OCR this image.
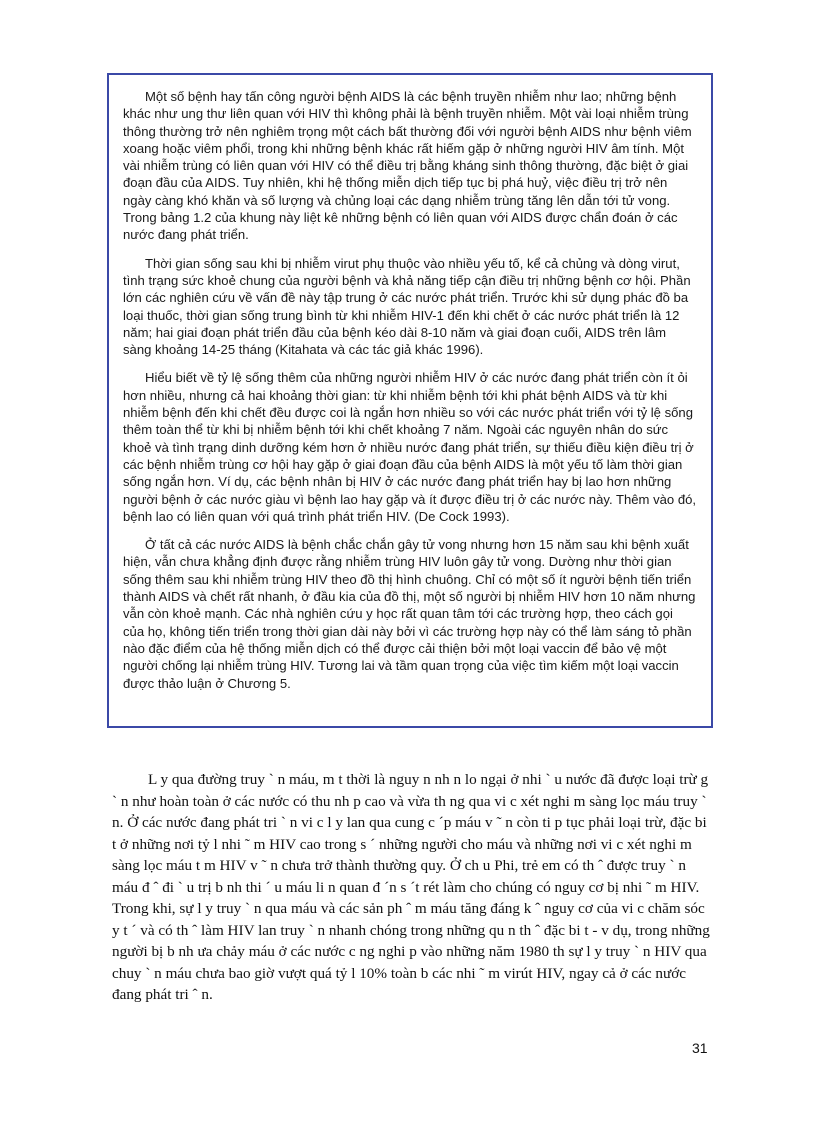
Một số bệnh hay tấn công người bệnh AIDS là các bệnh truyền nhiễm như lao; những bệnh khác như ung thư liên quan với HIV thì không phải là bệnh truyền nhiễm. Một vài loại nhiễm trùng thông thường trở nên nghiêm trọng một cách bất thường đối với người bệnh AIDS như bệnh viêm xoang hoặc viêm phổi, trong khi những bệnh khác rất hiếm gặp ở những người HIV âm tính. Một vài nhiễm trùng có liên quan với HIV có thể điều trị bằng kháng sinh thông thường, đặc biệt ở giai đoạn đầu của AIDS. Tuy nhiên, khi hệ thống miễn dịch tiếp tục bị phá huỷ, việc điều trị trở nên ngày càng khó khăn và số lượng và chủng loại các dạng nhiễm trùng tăng lên dẫn tới tử vong. Trong bảng 1.2 của khung này liệt kê những bệnh có liên quan với AIDS được chẩn đoán ở các nước đang phát triển.

Thời gian sống sau khi bị nhiễm virut phụ thuộc vào nhiều yếu tố, kể cả chủng và dòng virut, tình trạng sức khoẻ chung của người bệnh và khả năng tiếp cận điều trị những bệnh cơ hội. Phần lớn các nghiên cứu về vấn đề này tập trung ở các nước phát triển. Trước khi sử dụng phác đồ ba loại thuốc, thời gian sống trung bình từ khi nhiễm HIV-1 đến khi chết ở các nước phát triển là 12 năm; hai giai đoạn phát triển đầu của bệnh kéo dài 8-10 năm và giai đoạn cuối, AIDS trên lâm sàng khoảng 14-25 tháng (Kitahata và các tác giả khác 1996).

Hiểu biết về tỷ lệ sống thêm của những người nhiễm HIV ở các nước đang phát triển còn ít ỏi hơn nhiều, nhưng cả hai khoảng thời gian: từ khi nhiễm bệnh tới khi phát bệnh AIDS và từ khi nhiễm bệnh đến khi chết đều được coi là ngắn hơn nhiều so với các nước phát triển với tỷ lệ sống thêm toàn thể từ khi bị nhiễm bệnh tới khi chết khoảng 7 năm. Ngoài các nguyên nhân do sức khoẻ và tình trạng dinh dưỡng kém hơn ở nhiều nước đang phát triển, sự thiếu điều kiện điều trị ở các bệnh nhiễm trùng cơ hội hay gặp ở giai đoạn đầu của bệnh AIDS là một yếu tố làm thời gian sống ngắn hơn. Ví dụ, các bệnh nhân bị HIV ở các nước đang phát triển hay bị lao hơn những người bệnh ở các nước giàu vì bệnh lao hay gặp và ít được điều trị ở các nước này. Thêm vào đó, bệnh lao có liên quan với quá trình phát triển HIV. (De Cock 1993).

Ở tất cả các nước AIDS là bệnh chắc chắn gây tử vong nhưng hơn 15 năm sau khi bệnh xuất hiện, vẫn chưa khẳng định được rằng nhiễm trùng HIV luôn gây tử vong. Dường như thời gian sống thêm sau khi nhiễm trùng HIV theo đồ thị hình chuông. Chỉ có một số ít người bệnh tiến triển thành AIDS và chết rất nhanh, ở đầu kia của đồ thị, một số người bị nhiễm HIV hơn 10 năm nhưng vẫn còn khoẻ mạnh. Các nhà nghiên cứu y học rất quan tâm tới các trường hợp, theo cách gọi của họ, không tiến triển trong thời gian dài này bởi vì các trường hợp này có thể làm sáng tỏ phần nào đặc điểm của hệ thống miễn dịch có thể được cải thiện bởi một loại vaccin để bảo vệ một người chống lại nhiễm trùng HIV. Tương lai và tầm quan trọng của việc tìm kiếm một loại vaccin được thảo luận ở Chương 5.

L y qua đường truy ` n máu, m t thời là nguy n nh n lo ngại ở nhi ` u nước đã được loại trừ g ` n như hoàn toàn ở các nước có thu nh p cao và vừa th ng qua vi c xét nghi m sàng lọc máu truy ` n. Ở các nước đang phát tri ` n vi c l y lan qua cung c ´p máu v ˜ n còn ti p tục phải loại trừ, đặc bi t ở những nơi tỷ l nhi ˜ m HIV cao trong s ´ những người cho máu và những nơi vi c xét nghi m sàng lọc máu t m HIV v ˜ n chưa trở thành thường quy. Ở ch u Phi, trẻ em có th ˆ được truy ` n máu đ ˆ đi ` u trị b nh thi ´ u máu li n quan đ ´n s ´t rét làm cho chúng có nguy cơ bị nhi ˜ m HIV. Trong khi, sự l y truy ` n qua máu và các sản ph ˆ m máu tăng đáng k ˆ nguy cơ của vi c chăm sóc y t ´ và có th ˆ làm HIV lan truy ` n nhanh chóng trong những qu n th ˆ đặc bi t - v dụ, trong những người bị b nh ưa chảy máu ở các nước c ng nghi p vào những năm 1980 th sự l y truy ` n HIV qua chuy ` n máu chưa bao giờ vượt quá tỷ l 10% toàn b các nhi ˜ m virút HIV, ngay cả ở các nước đang phát tri ˆ n.

31
